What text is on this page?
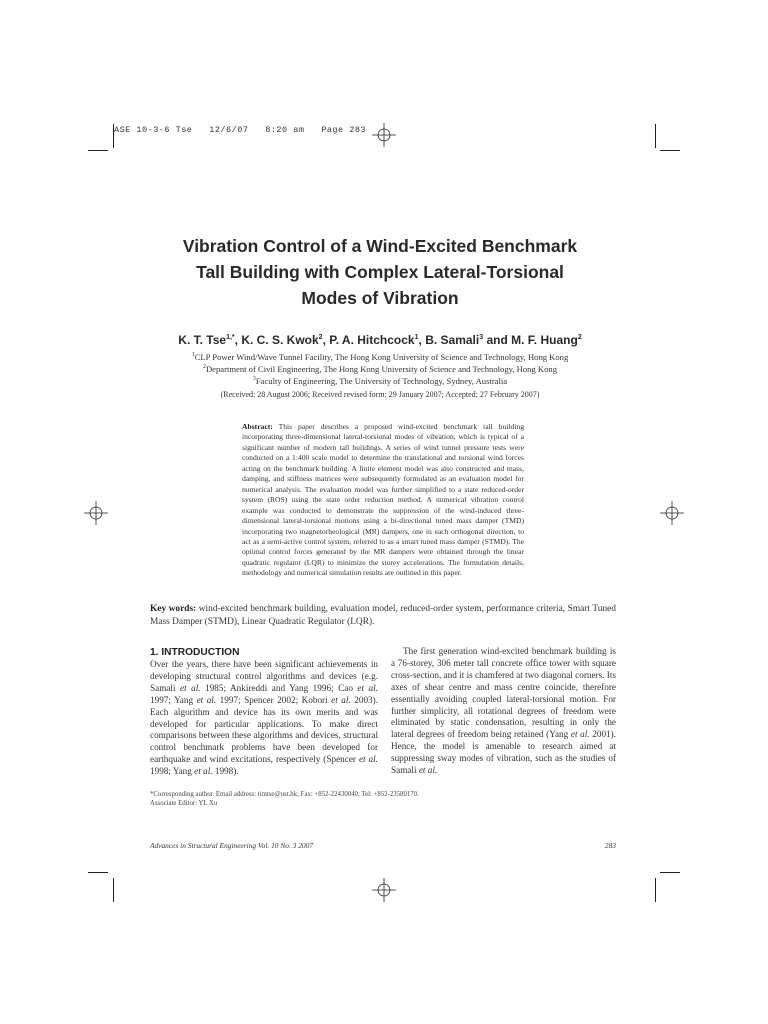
ASE 10-3-6 Tse   12/6/07   8:20 am   Page 283
Vibration Control of a Wind-Excited Benchmark
Tall Building with Complex Lateral-Torsional
Modes of Vibration
K. T. Tse$^{1,*}$, K. C. S. Kwok$^2$, P. A. Hitchcock$^1$, B. Samali$^3$ and M. F. Huang$^2$
$^1$CLP Power Wind/Wave Tunnel Facility, The Hong Kong University of Science and Technology, Hong Kong
$^2$Department of Civil Engineering, The Hong Kong University of Science and Technology, Hong Kong
$^3$Faculty of Engineering, The University of Technology, Sydney, Australia
(Received: 28 August 2006; Received revised form: 29 January 2007; Accepted: 27 February 2007)
Abstract: This paper describes a proposed wind-excited benchmark tall building incorporating three-dimensional lateral-torsional modes of vibration, which is typical of a significant number of modern tall buildings. A series of wind tunnel pressure tests were conducted on a 1:400 scale model to determine the translational and torsional wind forces acting on the benchmark building. A finite element model was also constructed and mass, damping, and stiffness matrices were subsequently formulated as an evaluation model for numerical analysis. The evaluation model was further simplified to a state reduced-order system (ROS) using the state order reduction method. A numerical vibration control example was conducted to demonstrate the suppression of the wind-induced three-dimensional lateral-torsional motions using a bi-directional tuned mass damper (TMD) incorporating two magnetorheological (MR) dampers, one in each orthogonal direction, to act as a semi-active control system, referred to as a smart tuned mass damper (STMD). The optimal control forces generated by the MR dampers were obtained through the linear quadratic regulator (LQR) to minimize the storey accelerations. The formulation details, methodology and numerical simulation results are outlined in this paper.
Key words: wind-excited benchmark building, evaluation model, reduced-order system, performance criteria, Smart Tuned Mass Damper (STMD), Linear Quadratic Regulator (LQR).
1. INTRODUCTION
Over the years, there have been significant achievements in developing structural control algorithms and devices (e.g. Samali et al. 1985; Ankireddi and Yang 1996; Cao et al. 1997; Yang et al. 1997; Spencer 2002; Kobori et al. 2003). Each algorithm and device has its own merits and was developed for particular applications. To make direct comparisons between these algorithms and devices, structural control benchmark problems have been developed for earthquake and wind excitations, respectively (Spencer et al. 1998; Yang et al. 1998).
The first generation wind-excited benchmark building is a 76-storey, 306 meter tall concrete office tower with square cross-section, and it is chamfered at two diagonal corners. Its axes of shear centre and mass centre coincide, therefore essentially avoiding coupled lateral-torsional motion. For further simplicity, all rotational degrees of freedom were eliminated by static condensation, resulting in only the lateral degrees of freedom being retained (Yang et al. 2001). Hence, the model is amenable to research aimed at suppressing sway modes of vibration, such as the studies of Samali et al.
*Corresponding author. Email address: timtse@ust.hk; Fax: +852-22430040; Tel: +852-23580170.
Associate Editor: YL Xu
Advances in Structural Engineering Vol. 10 No. 3 2007	283
